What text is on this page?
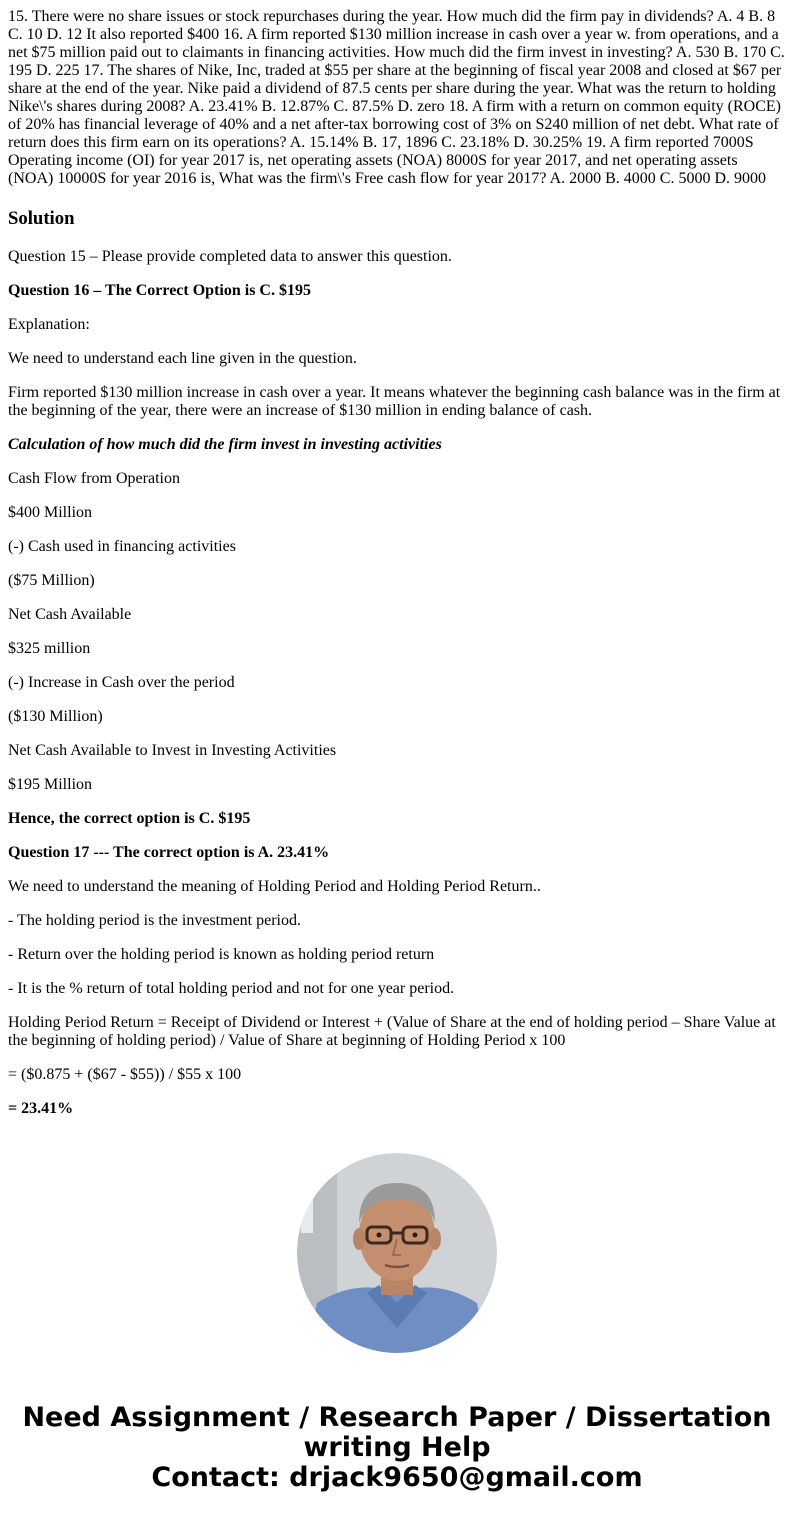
15. There were no share issues or stock repurchases during the year. How much did the firm pay in dividends? A. 4 B. 8 C. 10 D. 12 It also reported $400 16. A firm reported $130 million increase in cash over a year w. from operations, and a net $75 million paid out to claimants in financing activities. How much did the firm invest in investing? A. 530 B. 170 C. 195 D. 225 17. The shares of Nike, Inc, traded at $55 per share at the beginning of fiscal year 2008 and closed at $67 per share at the end of the year. Nike paid a dividend of 87.5 cents per share during the year. What was the return to holding Nike\'s shares during 2008? A. 23.41% B. 12.87% C. 87.5% D. zero 18. A firm with a return on common equity (ROCE) of 20% has financial leverage of 40% and a net after-tax borrowing cost of 3% on S240 million of net debt. What rate of return does this firm earn on its operations? A. 15.14% B. 17, 1896 C. 23.18% D. 30.25% 19. A firm reported 7000S Operating income (OI) for year 2017 is, net operating assets (NOA) 8000S for year 2017, and net operating assets (NOA) 10000S for year 2016 is, What was the firm\'s Free cash flow for year 2017? A. 2000 B. 4000 C. 5000 D. 9000

Solution

Question 15 – Please provide completed data to answer this question.

Question 16 – The Correct Option is C. $195

Explanation:

We need to understand each line given in the question.

Firm reported $130 million increase in cash over a year. It means whatever the beginning cash balance was in the firm at the beginning of the year, there were an increase of $130 million in ending balance of cash.

Calculation of how much did the firm invest in investing activities

Cash Flow from Operation

$400 Million

(-) Cash used in financing activities

($75 Million)

Net Cash Available

$325 million

(-) Increase in Cash over the period

($130 Million)

Net Cash Available to Invest in Investing Activities

$195 Million

Hence, the correct option is C. $195

Question 17 --- The correct option is A. 23.41%

We need to understand the meaning of Holding Period and Holding Period Return..

- The holding period is the investment period.

- Return over the holding period is known as holding period return

- It is the % return of total holding period and not for one year period.

Holding Period Return = Receipt of Dividend or Interest + (Value of Share at the end of holding period – Share Value at the beginning of holding period) / Value of Share at beginning of Holding Period x 100

= ($0.875 + ($67 - $55)) / $55 x 100

= 23.41%

Need Assignment / Research Paper / Dissertation
writing Help
Contact: drjack9650@gmail.com
